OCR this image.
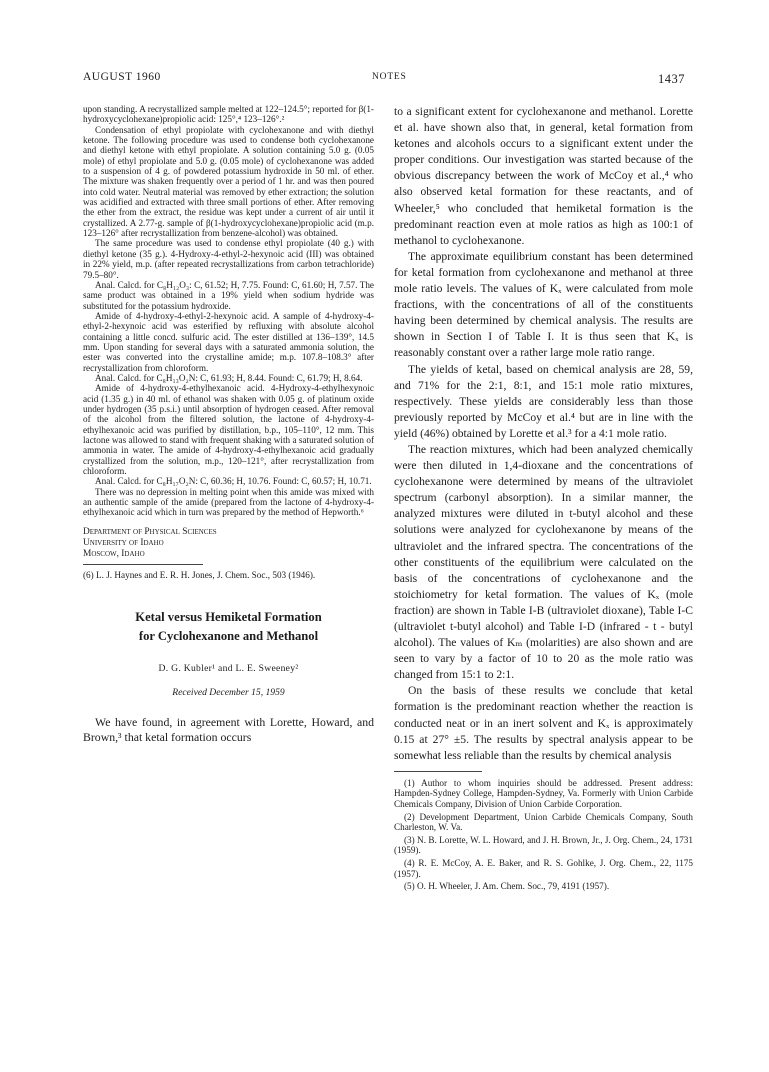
AUGUST 1960	NOTES	1437

upon standing. A recrystallized sample melted at 122–124.5°; reported for β(1-hydroxycyclohexane)propiolic acid: 125°,⁴ 123–126°.²

Condensation of ethyl propiolate with cyclohexanone and with diethyl ketone. The following procedure was used to condense both cyclohexanone and diethyl ketone with ethyl propiolate. A solution containing 5.0 g. (0.05 mole) of ethyl propiolate and 5.0 g. (0.05 mole) of cyclohexanone was added to a suspension of 4 g. of powdered potassium hydroxide in 50 ml. of ether. The mixture was shaken frequently over a period of 1 hr. and was then poured into cold water. Neutral material was removed by ether extraction; the solution was acidified and extracted with three small portions of ether. After removing the ether from the extract, the residue was kept under a current of air until it crystallized. A 2.77-g. sample of β(1-hydroxycyclohexane)propiolic acid (m.p. 123–126° after recrystallization from benzene-alcohol) was obtained.

The same procedure was used to condense ethyl propiolate (40 g.) with diethyl ketone (35 g.). 4-Hydroxy-4-ethyl-2-hexynoic acid (III) was obtained in 22% yield, m.p. (after repeated recrystallizations from carbon tetrachloride) 79.5–80°.

Anal. Calcd. for C₈H₁₂O₃: C, 61.52; H, 7.75. Found: C, 61.60; H, 7.57. The same product was obtained in a 19% yield when sodium hydride was substituted for the potassium hydroxide.

Amide of 4-hydroxy-4-ethyl-2-hexynoic acid. A sample of 4-hydroxy-4-ethyl-2-hexynoic acid was esterified by refluxing with absolute alcohol containing a little concd. sulfuric acid. The ester distilled at 136–139°, 14.5 mm. Upon standing for several days with a saturated ammonia solution, the ester was converted into the crystalline amide; m.p. 107.8–108.3° after recrystallization from chloroform.

Anal. Calcd. for C₈H₁₃O₂N: C, 61.93; H, 8.44. Found: C, 61.79; H, 8.64.

Amide of 4-hydroxy-4-ethylhexanoic acid. 4-Hydroxy-4-ethylhexynoic acid (1.35 g.) in 40 ml. of ethanol was shaken with 0.05 g. of platinum oxide under hydrogen (35 p.s.i.) until absorption of hydrogen ceased. After removal of the alcohol from the filtered solution, the lactone of 4-hydroxy-4-ethylhexanoic acid was purified by distillation, b.p., 105–110°, 12 mm. This lactone was allowed to stand with frequent shaking with a saturated solution of ammonia in water. The amide of 4-hydroxy-4-ethylhexanoic acid gradually crystallized from the solution, m.p., 120–121°, after recrystallization from chloroform.

Anal. Calcd. for C₈H₁₇O₂N: C, 60.36; H, 10.76. Found: C, 60.57; H, 10.71.

There was no depression in melting point when this amide was mixed with an authentic sample of the amide (prepared from the lactone of 4-hydroxy-4-ethylhexanoic acid which in turn was prepared by the method of Hepworth.⁶

Department of Physical Sciences
University of Idaho
Moscow, Idaho

(6) L. J. Haynes and E. R. H. Jones, J. Chem. Soc., 503 (1946).

Ketal versus Hemiketal Formation
for Cyclohexanone and Methanol
D. G. Kubler¹ and L. E. Sweeney²
Received December 15, 1959

We have found, in agreement with Lorette, Howard, and Brown,³ that ketal formation occurs

to a significant extent for cyclohexanone and methanol. Lorette et al. have shown also that, in general, ketal formation from ketones and alcohols occurs to a significant extent under the proper conditions. Our investigation was started because of the obvious discrepancy between the work of McCoy et al.,⁴ who also observed ketal formation for these reactants, and of Wheeler,⁵ who concluded that hemiketal formation is the predominant reaction even at mole ratios as high as 100:1 of methanol to cyclohexanone.

The approximate equilibrium constant has been determined for ketal formation from cyclohexanone and methanol at three mole ratio levels. The values of Kₓ were calculated from mole fractions, with the concentrations of all of the constituents having been determined by chemical analysis. The results are shown in Section I of Table I. It is thus seen that Kₓ is reasonably constant over a rather large mole ratio range.

The yields of ketal, based on chemical analysis are 28, 59, and 71% for the 2:1, 8:1, and 15:1 mole ratio mixtures, respectively. These yields are considerably less than those previously reported by McCoy et al.⁴ but are in line with the yield (46%) obtained by Lorette et al.³ for a 4:1 mole ratio.

The reaction mixtures, which had been analyzed chemically were then diluted in 1,4-dioxane and the concentrations of cyclohexanone were determined by means of the ultraviolet spectrum (carbonyl absorption). In a similar manner, the analyzed mixtures were diluted in t-butyl alcohol and these solutions were analyzed for cyclohexanone by means of the ultraviolet and the infrared spectra. The concentrations of the other constituents of the equilibrium were calculated on the basis of the concentrations of cyclohexanone and the stoichiometry for ketal formation. The values of Kₓ (mole fraction) are shown in Table I-B (ultraviolet dioxane), Table I-C (ultraviolet t-butyl alcohol) and Table I-D (infrared - t - butyl alcohol). The values of Kₘ (molarities) are also shown and are seen to vary by a factor of 10 to 20 as the mole ratio was changed from 15:1 to 2:1.

On the basis of these results we conclude that ketal formation is the predominant reaction whether the reaction is conducted neat or in an inert solvent and Kₓ is approximately 0.15 at 27° ±5. The results by spectral analysis appear to be somewhat less reliable than the results by chemical analysis

(1) Author to whom inquiries should be addressed. Present address: Hampden-Sydney College, Hampden-Sydney, Va. Formerly with Union Carbide Chemicals Company, Division of Union Carbide Corporation.

(2) Development Department, Union Carbide Chemicals Company, South Charleston, W. Va.

(3) N. B. Lorette, W. L. Howard, and J. H. Brown, Jr., J. Org. Chem., 24, 1731 (1959).

(4) R. E. McCoy, A. E. Baker, and R. S. Gohlke, J. Org. Chem., 22, 1175 (1957).

(5) O. H. Wheeler, J. Am. Chem. Soc., 79, 4191 (1957).
